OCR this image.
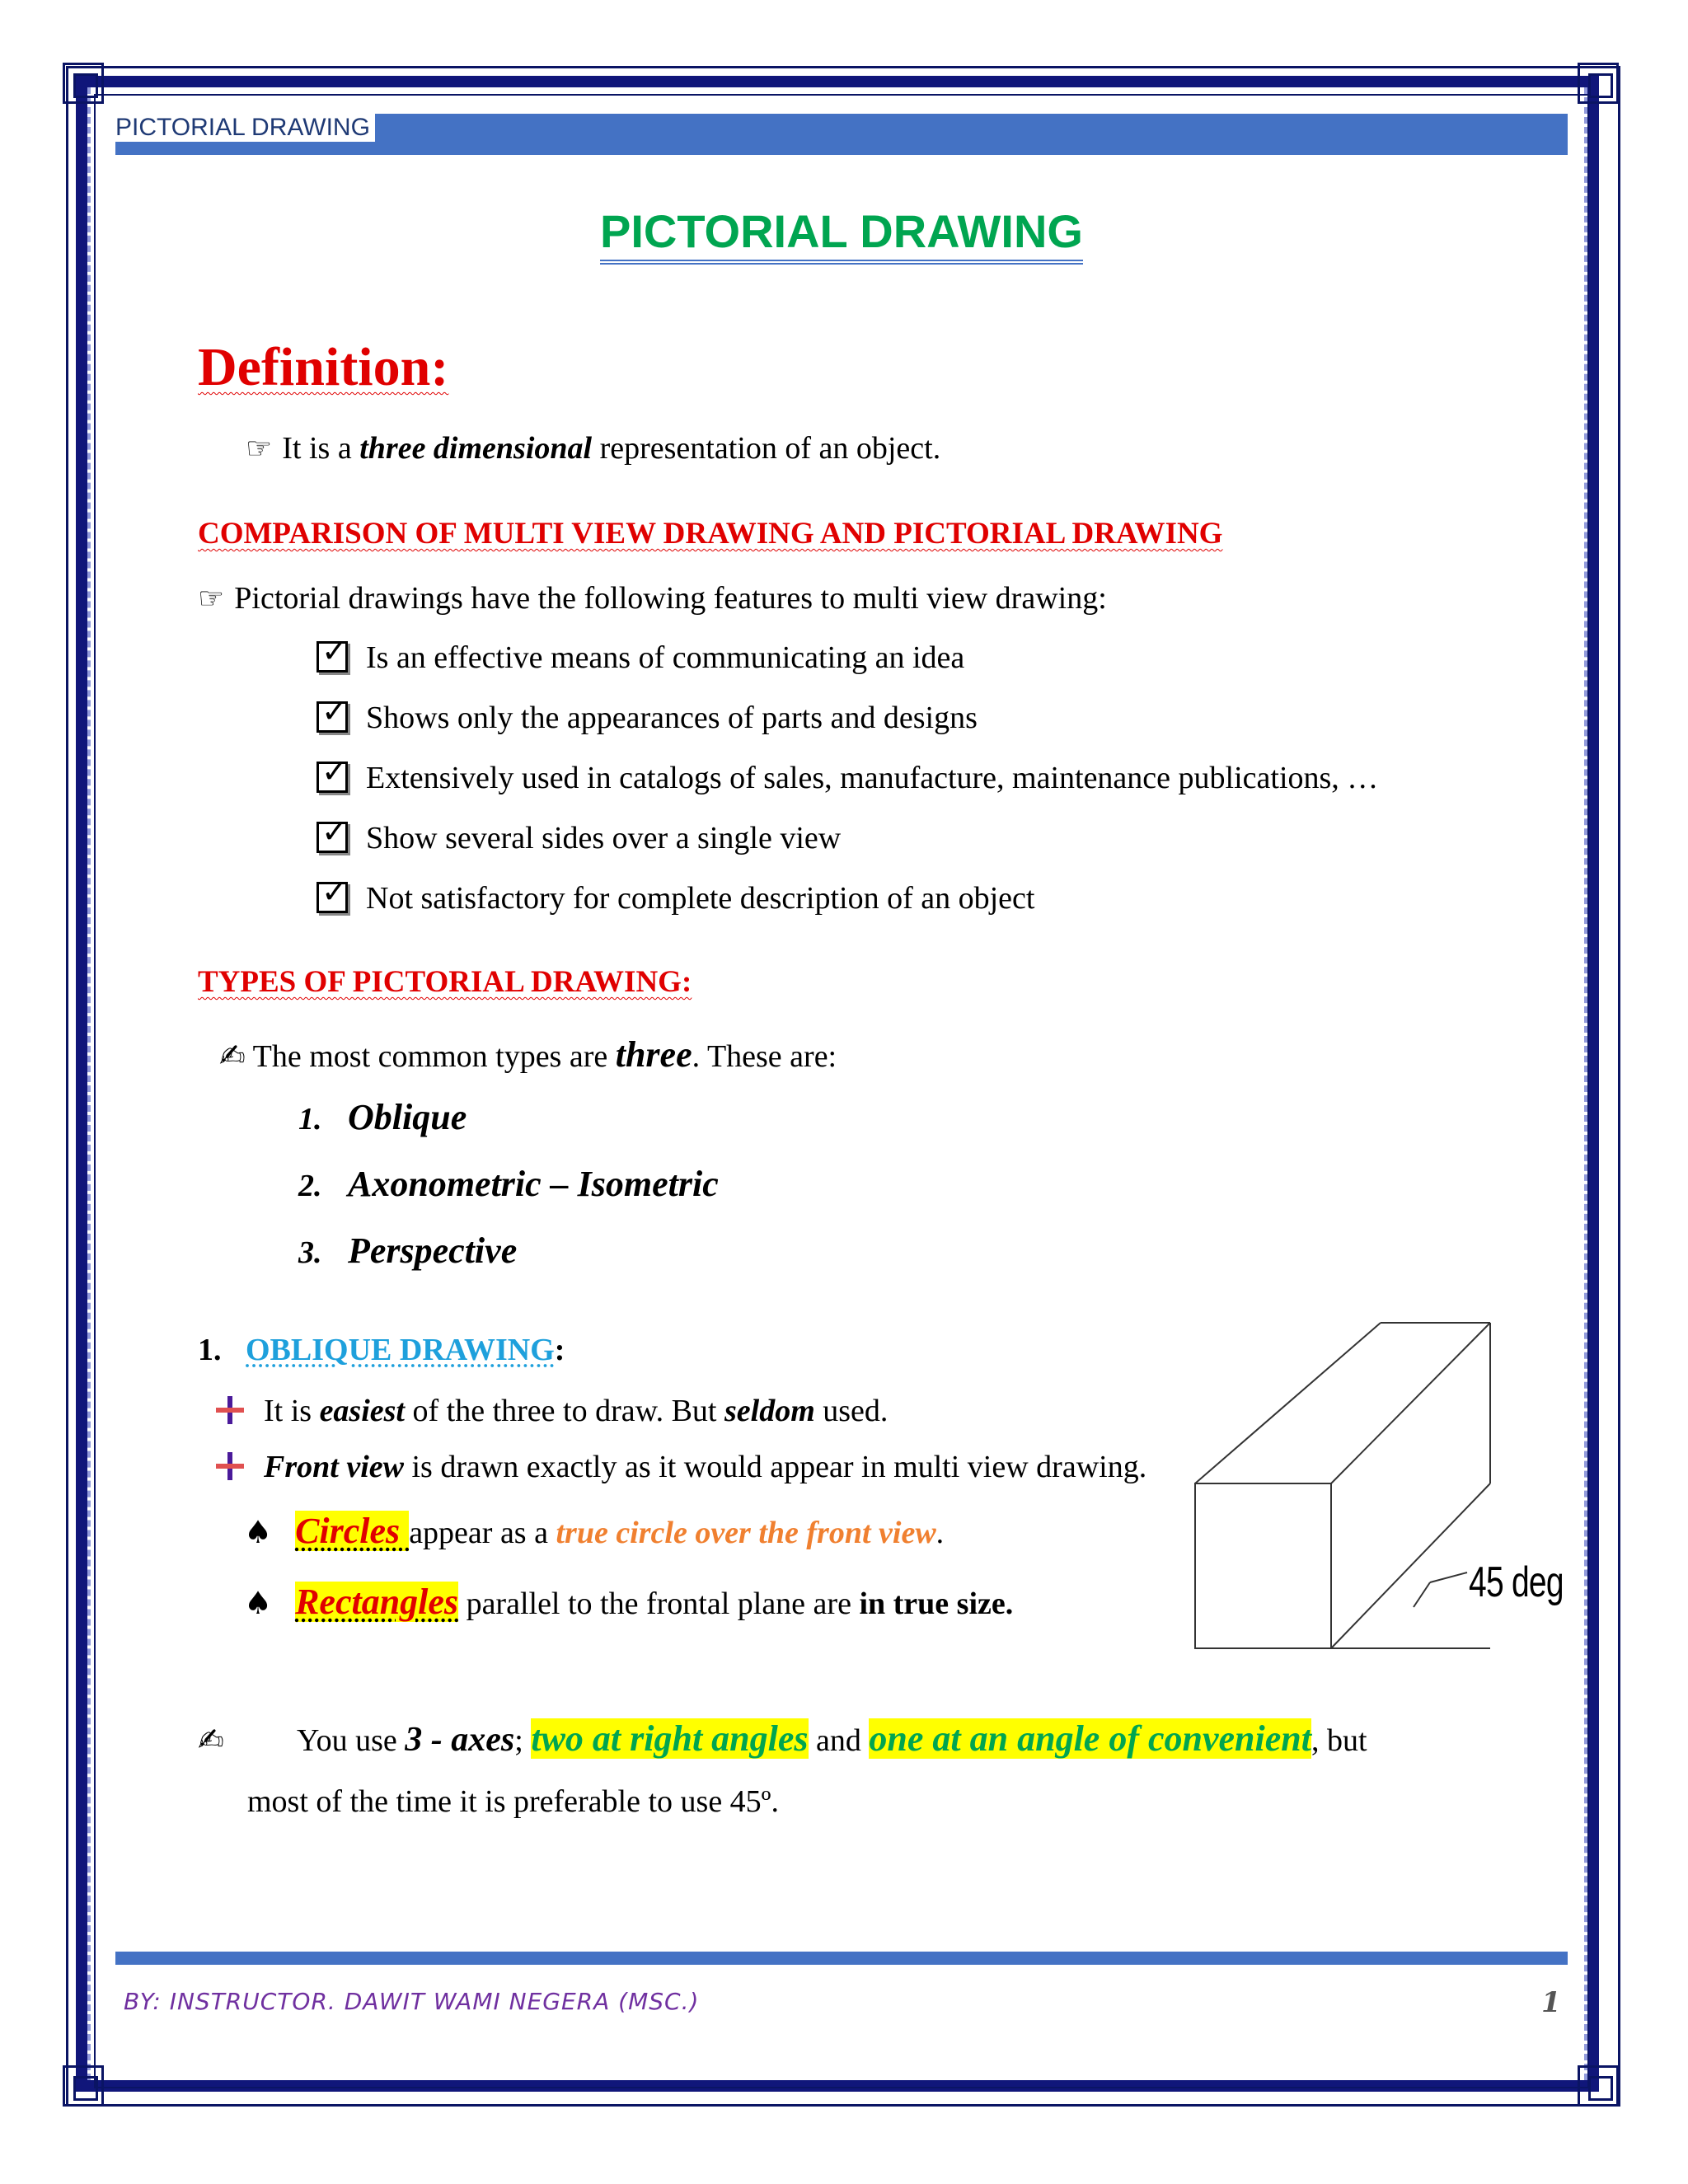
PICTORIAL DRAWING
PICTORIAL DRAWING
Definition:
☞ It is a three dimensional representation of an object.
COMPARISON OF MULTI VIEW DRAWING AND PICTORIAL DRAWING
☞ Pictorial drawings have the following features to multi view drawing:
✓ Is an effective means of communicating an idea
✓ Shows only the appearances of parts and designs
✓ Extensively used in catalogs of sales, manufacture, maintenance publications, …
✓ Show several sides over a single view
✓ Not satisfactory for complete description of an object
TYPES OF PICTORIAL DRAWING:
✍ The most common types are three. These are:
1. Oblique
2. Axonometric – Isometric
3. Perspective
1. OBLIQUE DRAWING:
It is easiest of the three to draw. But seldom used.
Front view is drawn exactly as it would appear in multi view drawing.
♠ Circles appear as a true circle over the front view.
♠ Rectangles parallel to the frontal plane are in true size.
✍ You use 3 - axes; two at right angles and one at an angle of convenient, but
most of the time it is preferable to use 45º.
45 deg
BY: INSTRUCTOR. DAWIT WAMI NEGERA (MSC.)	1
